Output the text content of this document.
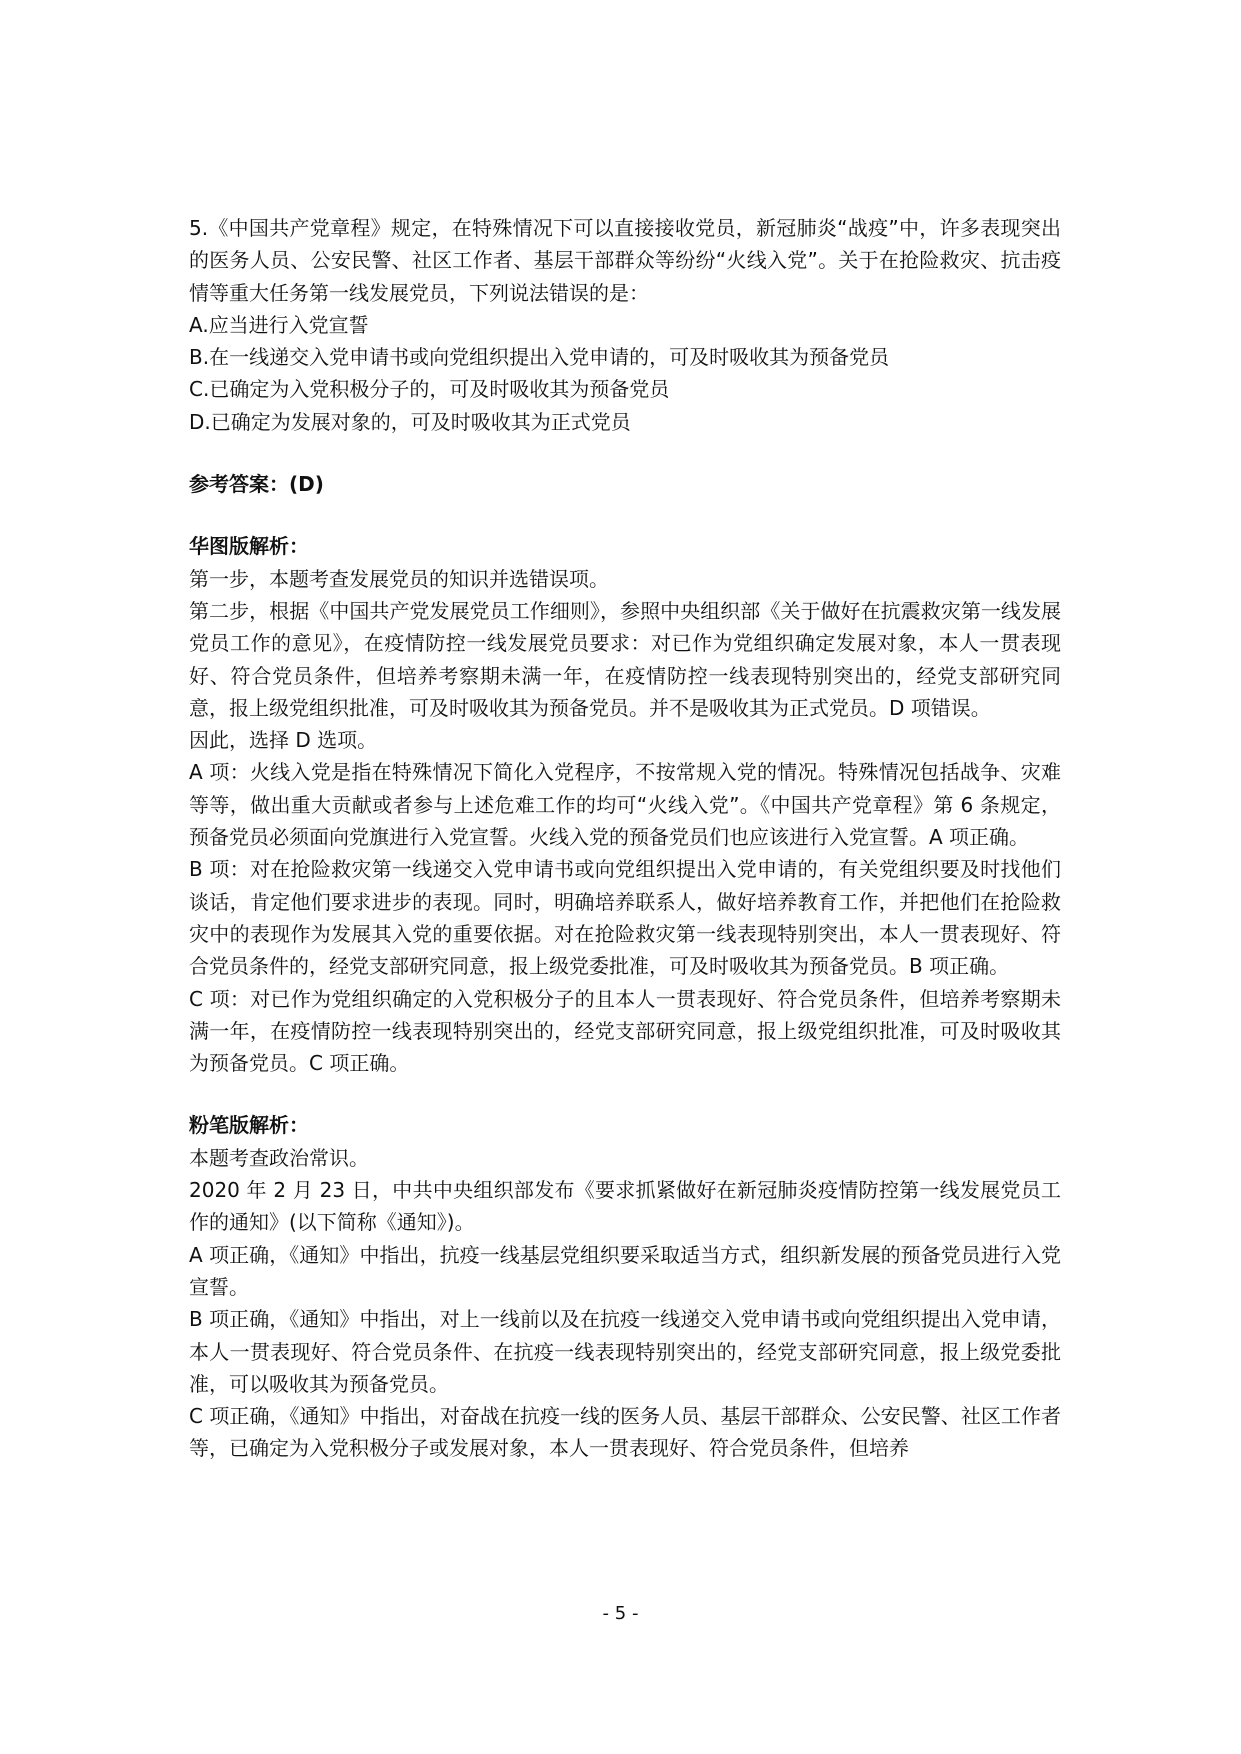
5.《中国共产党章程》规定，在特殊情况下可以直接接收党员，新冠肺炎“战疫”中，许多表现突出的医务人员、公安民警、社区工作者、基层干部群众等纷纷“火线入党”。关于在抢险救灾、抗击疫情等重大任务第一线发展党员，下列说法错误的是：

A.应当进行入党宣誓

B.在一线递交入党申请书或向党组织提出入党申请的，可及时吸收其为预备党员

C.已确定为入党积极分子的，可及时吸收其为预备党员

D.已确定为发展对象的，可及时吸收其为正式党员

参考答案：(D)

华图版解析：

第一步，本题考查发展党员的知识并选错误项。

第二步，根据《中国共产党发展党员工作细则》，参照中央组织部《关于做好在抗震救灾第一线发展党员工作的意见》，在疫情防控一线发展党员要求：对已作为党组织确定发展对象，本人一贯表现好、符合党员条件，但培养考察期未满一年，在疫情防控一线表现特别突出的，经党支部研究同意，报上级党组织批准，可及时吸收其为预备党员。并不是吸收其为正式党员。D 项错误。

因此，选择 D 选项。

A 项：火线入党是指在特殊情况下简化入党程序，不按常规入党的情况。特殊情况包括战争、灾难等等，做出重大贡献或者参与上述危难工作的均可“火线入党”。《中国共产党章程》第 6 条规定，预备党员必须面向党旗进行入党宣誓。火线入党的预备党员们也应该进行入党宣誓。A 项正确。

B 项：对在抢险救灾第一线递交入党申请书或向党组织提出入党申请的，有关党组织要及时找他们谈话，肯定他们要求进步的表现。同时，明确培养联系人，做好培养教育工作，并把他们在抢险救灾中的表现作为发展其入党的重要依据。对在抢险救灾第一线表现特别突出，本人一贯表现好、符合党员条件的，经党支部研究同意，报上级党委批准，可及时吸收其为预备党员。B 项正确。

C 项：对已作为党组织确定的入党积极分子的且本人一贯表现好、符合党员条件，但培养考察期未满一年，在疫情防控一线表现特别突出的，经党支部研究同意，报上级党组织批准，可及时吸收其为预备党员。C 项正确。

粉笔版解析：

本题考查政治常识。

2020 年 2 月 23 日，中共中央组织部发布《要求抓紧做好在新冠肺炎疫情防控第一线发展党员工作的通知》(以下简称《通知》)。

A 项正确，《通知》中指出，抗疫一线基层党组织要采取适当方式，组织新发展的预备党员进行入党宣誓。

B 项正确，《通知》中指出，对上一线前以及在抗疫一线递交入党申请书或向党组织提出入党申请，本人一贯表现好、符合党员条件、在抗疫一线表现特别突出的，经党支部研究同意，报上级党委批准，可以吸收其为预备党员。

C 项正确，《通知》中指出，对奋战在抗疫一线的医务人员、基层干部群众、公安民警、社区工作者等，已确定为入党积极分子或发展对象，本人一贯表现好、符合党员条件，但培养

- 5 -
